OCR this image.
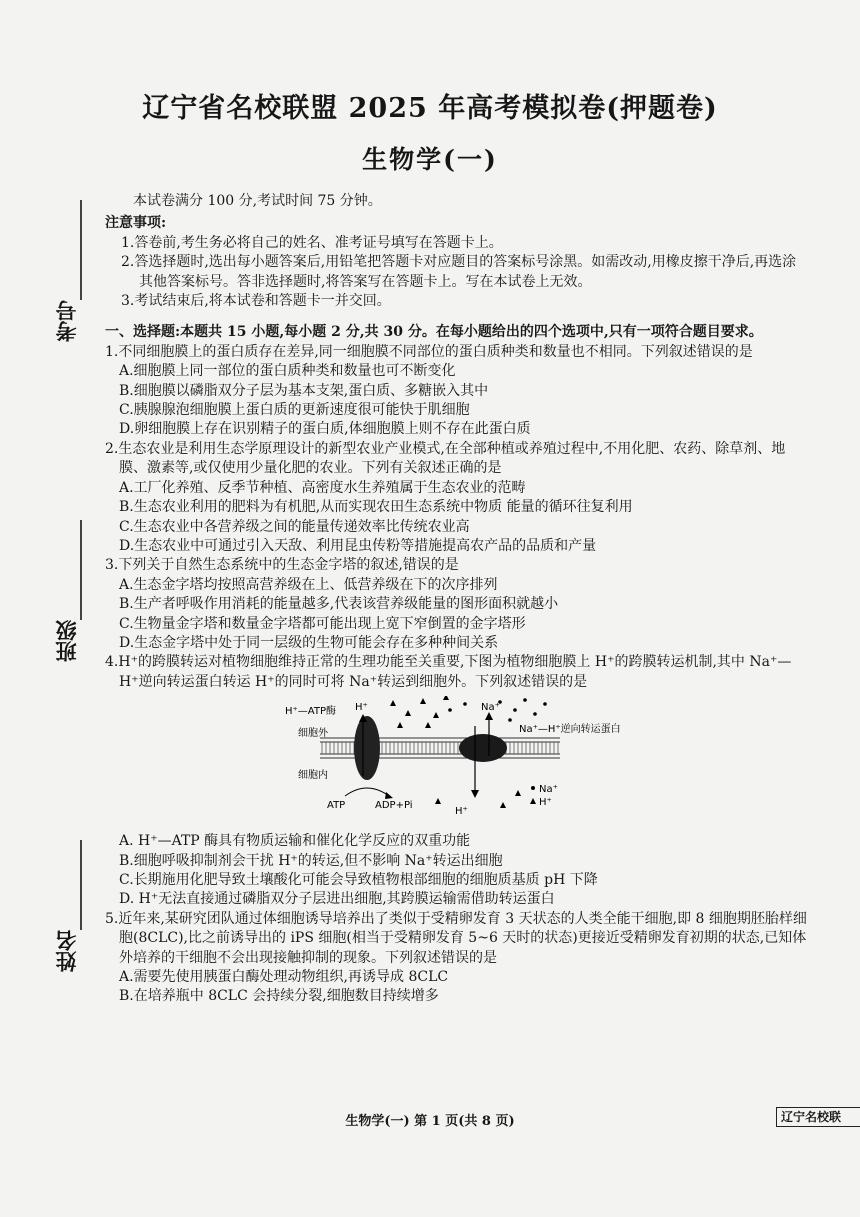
辽宁省名校联盟 2025 年高考模拟卷(押题卷)
生物学(一)
考号
班级
姓名

本试卷满分 100 分,考试时间 75 分钟。

注意事项:

1.答卷前,考生务必将自己的姓名、准考证号填写在答题卡上。

2.答选择题时,选出每小题答案后,用铅笔把答题卡对应题目的答案标号涂黑。如需改动,用橡皮擦干净后,再选涂其他答案标号。答非选择题时,将答案写在答题卡上。写在本试卷上无效。

3.考试结束后,将本试卷和答题卡一并交回。

一、选择题:本题共 15 小题,每小题 2 分,共 30 分。在每小题给出的四个选项中,只有一项符合题目要求。

1.不同细胞膜上的蛋白质存在差异,同一细胞膜不同部位的蛋白质种类和数量也不相同。下列叙述错误的是

A.细胞膜上同一部位的蛋白质种类和数量也可不断变化

B.细胞膜以磷脂双分子层为基本支架,蛋白质、多糖嵌入其中

C.胰腺腺泡细胞膜上蛋白质的更新速度很可能快于肌细胞

D.卵细胞膜上存在识别精子的蛋白质,体细胞膜上则不存在此蛋白质

2.生态农业是利用生态学原理设计的新型农业产业模式,在全部种植或养殖过程中,不用化肥、农药、除草剂、地膜、激素等,或仅使用少量化肥的农业。下列有关叙述正确的是

A.工厂化养殖、反季节种植、高密度水生养殖属于生态农业的范畴

B.生态农业利用的肥料为有机肥,从而实现农田生态系统中物质 能量的循环往复利用

C.生态农业中各营养级之间的能量传递效率比传统农业高

D.生态农业中可通过引入天敌、利用昆虫传粉等措施提高农产品的品质和产量

3.下列关于自然生态系统中的生态金字塔的叙述,错误的是

A.生态金字塔均按照高营养级在上、低营养级在下的次序排列

B.生产者呼吸作用消耗的能量越多,代表该营养级能量的图形面积就越小

C.生物量金字塔和数量金字塔都可能出现上宽下窄倒置的金字塔形

D.生态金字塔中处于同一层级的生物可能会存在多种种间关系

4.H⁺的跨膜转运对植物细胞维持正常的生理功能至关重要,下图为植物细胞膜上 H⁺的跨膜转运机制,其中 Na⁺—H⁺逆向转运蛋白转运 H⁺的同时可将 Na⁺转运到细胞外。下列叙述错误的是

H⁺—ATP酶 H⁺	Na⁺
Na⁺—H⁺逆向转运蛋白
细胞外
细胞内
ATP	ADP+Pi
H⁺
Na⁺
H⁺

A. H⁺—ATP 酶具有物质运输和催化化学反应的双重功能

B.细胞呼吸抑制剂会干扰 H⁺的转运,但不影响 Na⁺转运出细胞

C.长期施用化肥导致土壤酸化可能会导致植物根部细胞的细胞质基质 pH 下降

D. H⁺无法直接通过磷脂双分子层进出细胞,其跨膜运输需借助转运蛋白

5.近年来,某研究团队通过体细胞诱导培养出了类似于受精卵发育 3 天状态的人类全能干细胞,即 8 细胞期胚胎样细胞(8CLC),比之前诱导出的 iPS 细胞(相当于受精卵发育 5~6 天时的状态)更接近受精卵发育初期的状态,已知体外培养的干细胞不会出现接触抑制的现象。下列叙述错误的是

A.需要先使用胰蛋白酶处理动物组织,再诱导成 8CLC

B.在培养瓶中 8CLC 会持续分裂,细胞数目持续增多

生物学(一) 第 1 页(共 8 页)	辽宁名校联
